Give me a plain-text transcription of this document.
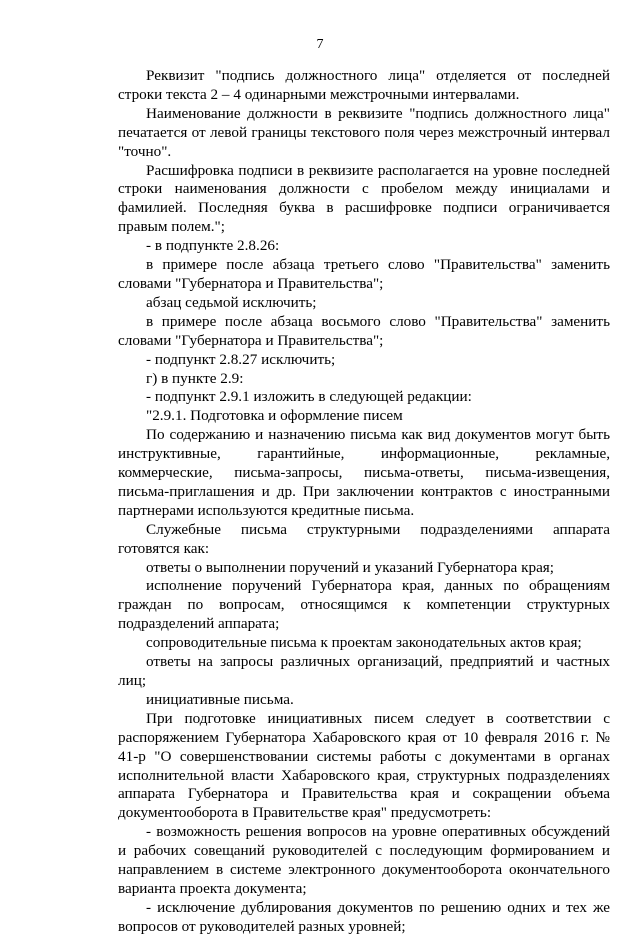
7

Реквизит "подпись должностного лица" отделяется от последней строки текста 2 – 4 одинарными межстрочными интервалами.

Наименование должности в реквизите "подпись должностного лица" печатается от левой границы текстового поля через межстрочный интервал "точно".

Расшифровка подписи в реквизите располагается на уровне последней строки наименования должности с пробелом между инициалами и фамилией. Последняя буква в расшифровке подписи ограничивается правым полем.";

- в подпункте 2.8.26:

в примере после абзаца третьего слово "Правительства" заменить словами "Губернатора и Правительства";

абзац седьмой исключить;

в примере после абзаца восьмого слово "Правительства" заменить словами "Губернатора и Правительства";

- подпункт 2.8.27 исключить;

г) в пункте 2.9:

- подпункт 2.9.1 изложить в следующей редакции:

"2.9.1. Подготовка и оформление писем

По содержанию и назначению письма как вид документов могут быть инструктивные, гарантийные, информационные, рекламные, коммерческие, письма-запросы, письма-ответы, письма-извещения, письма-приглашения и др. При заключении контрактов с иностранными партнерами используются кредитные письма.

Служебные письма структурными подразделениями аппарата готовятся как:

ответы о выполнении поручений и указаний Губернатора края;

исполнение поручений Губернатора края, данных по обращениям граждан по вопросам, относящимся к компетенции структурных подразделений аппарата;

сопроводительные письма к проектам законодательных актов края;

ответы на запросы различных организаций, предприятий и частных лиц;

инициативные письма.

При подготовке инициативных писем следует в соответствии с распоряжением Губернатора Хабаровского края от 10 февраля 2016 г. № 41-р "О совершенствовании системы работы с документами в органах исполнительной власти Хабаровского края, структурных подразделениях аппарата Губернатора и Правительства края и сокращении объема документооборота в Правительстве края" предусмотреть:

- возможность решения вопросов на уровне оперативных обсуждений и рабочих совещаний руководителей с последующим формированием и направлением в системе электронного документооборота окончательного варианта проекта документа;

- исключение дублирования документов по решению одних и тех же вопросов от руководителей разных уровней;
